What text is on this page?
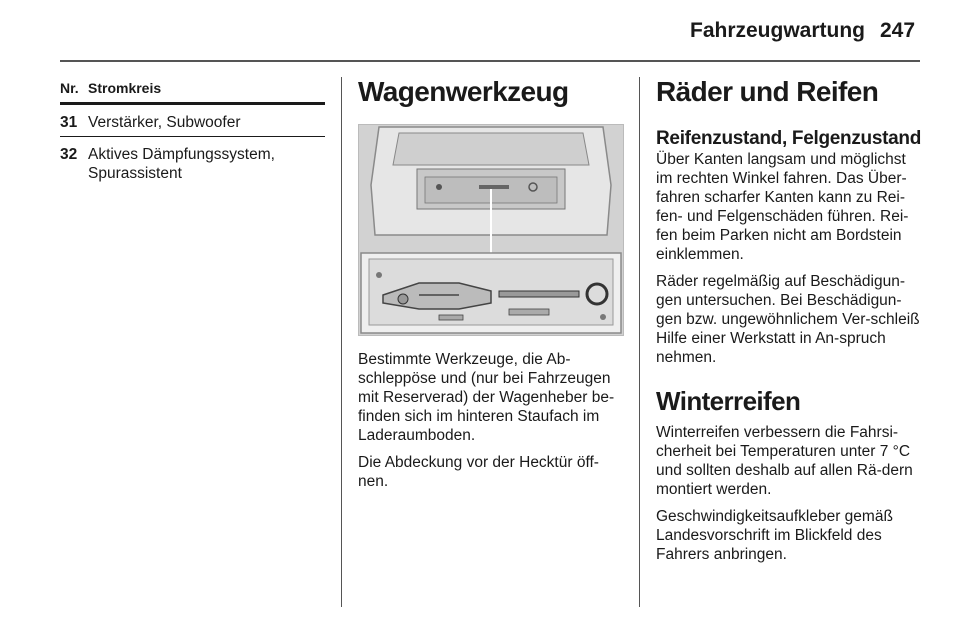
Fahrzeugwartung 247
Nr. Stromkreis
31 Verstärker, Subwoofer
32 Aktives Dämpfungssystem, Spurassistent
Wagenwerkzeug

Bestimmte Werkzeuge, die Ab-schleppöse und (nur bei Fahrzeugen mit Reserverad) der Wagenheber be-finden sich im hinteren Staufach im Laderaumboden.

Die Abdeckung vor der Hecktür öff-nen.

Räder und Reifen
Reifenzustand, Felgenzustand

Über Kanten langsam und möglichst im rechten Winkel fahren. Das Über-fahren scharfer Kanten kann zu Rei-fen- und Felgenschäden führen. Rei-fen beim Parken nicht am Bordstein einklemmen.

Räder regelmäßig auf Beschädigun-gen untersuchen. Bei Beschädigun-gen bzw. ungewöhnlichem Ver-schleiß Hilfe einer Werkstatt in An-spruch nehmen.

Winterreifen

Winterreifen verbessern die Fahrsi-cherheit bei Temperaturen unter 7 °C und sollten deshalb auf allen Rä-dern montiert werden.

Geschwindigkeitsaufkleber gemäß Landesvorschrift im Blickfeld des Fahrers anbringen.
